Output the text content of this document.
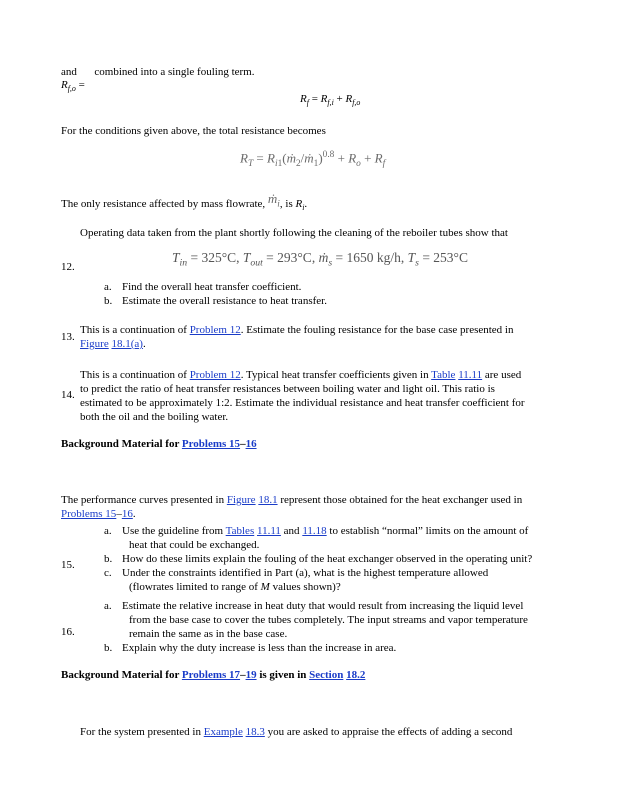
and combined into a single fouling term.
$R_{f,o}$ =
$R_f = R_{f,i} + R_{f,o}$
For the conditions given above, the total resistance becomes
$R_T$ = $R_{i1}(ṁ_2/ṁ_1)^{0.8} + R_o + R_f$
The only resistance affected by mass flowrate, ṁ$_i$, is $R_i$.
Operating data taken from the plant shortly following the cleaning of the reboiler tubes show that
12.
$T_{in} = 325^\circ C$, $T_{out} = 293^\circ C$, ṁ$_s$ = 1650 kg/h, $T_s = 253^\circ C$
a. Find the overall heat transfer coefficient.
b. Estimate the overall resistance to heat transfer.
13.
This is a continuation of Problem 12. Estimate the fouling resistance for the base case presented in
Figure 18.1(a).
14.
This is a continuation of Problem 12. Typical heat transfer coefficients given in Table 11.11 are used
to predict the ratio of heat transfer resistances between boiling water and light oil. This ratio is
estimated to be approximately 1:2. Estimate the individual resistance and heat transfer coefficient for
both the oil and the boiling water.
Background Material for Problems 15–16
The performance curves presented in Figure 18.1 represent those obtained for the heat exchanger used in
Problems 15–16.
15.
a. Use the guideline from Tables 11.11 and 11.18 to establish “normal” limits on the amount of
heat that could be exchanged.
b. How do these limits explain the fouling of the heat exchanger observed in the operating unit?
c. Under the constraints identified in Part (a), what is the highest temperature allowed
(flowrates limited to range of M values shown)?
16.
a. Estimate the relative increase in heat duty that would result from increasing the liquid level
from the base case to cover the tubes completely. The input streams and vapor temperature
remain the same as in the base case.
b. Explain why the duty increase is less than the increase in area.
Background Material for Problems 17–19 is given in Section 18.2
For the system presented in Example 18.3 you are asked to appraise the effects of adding a second
